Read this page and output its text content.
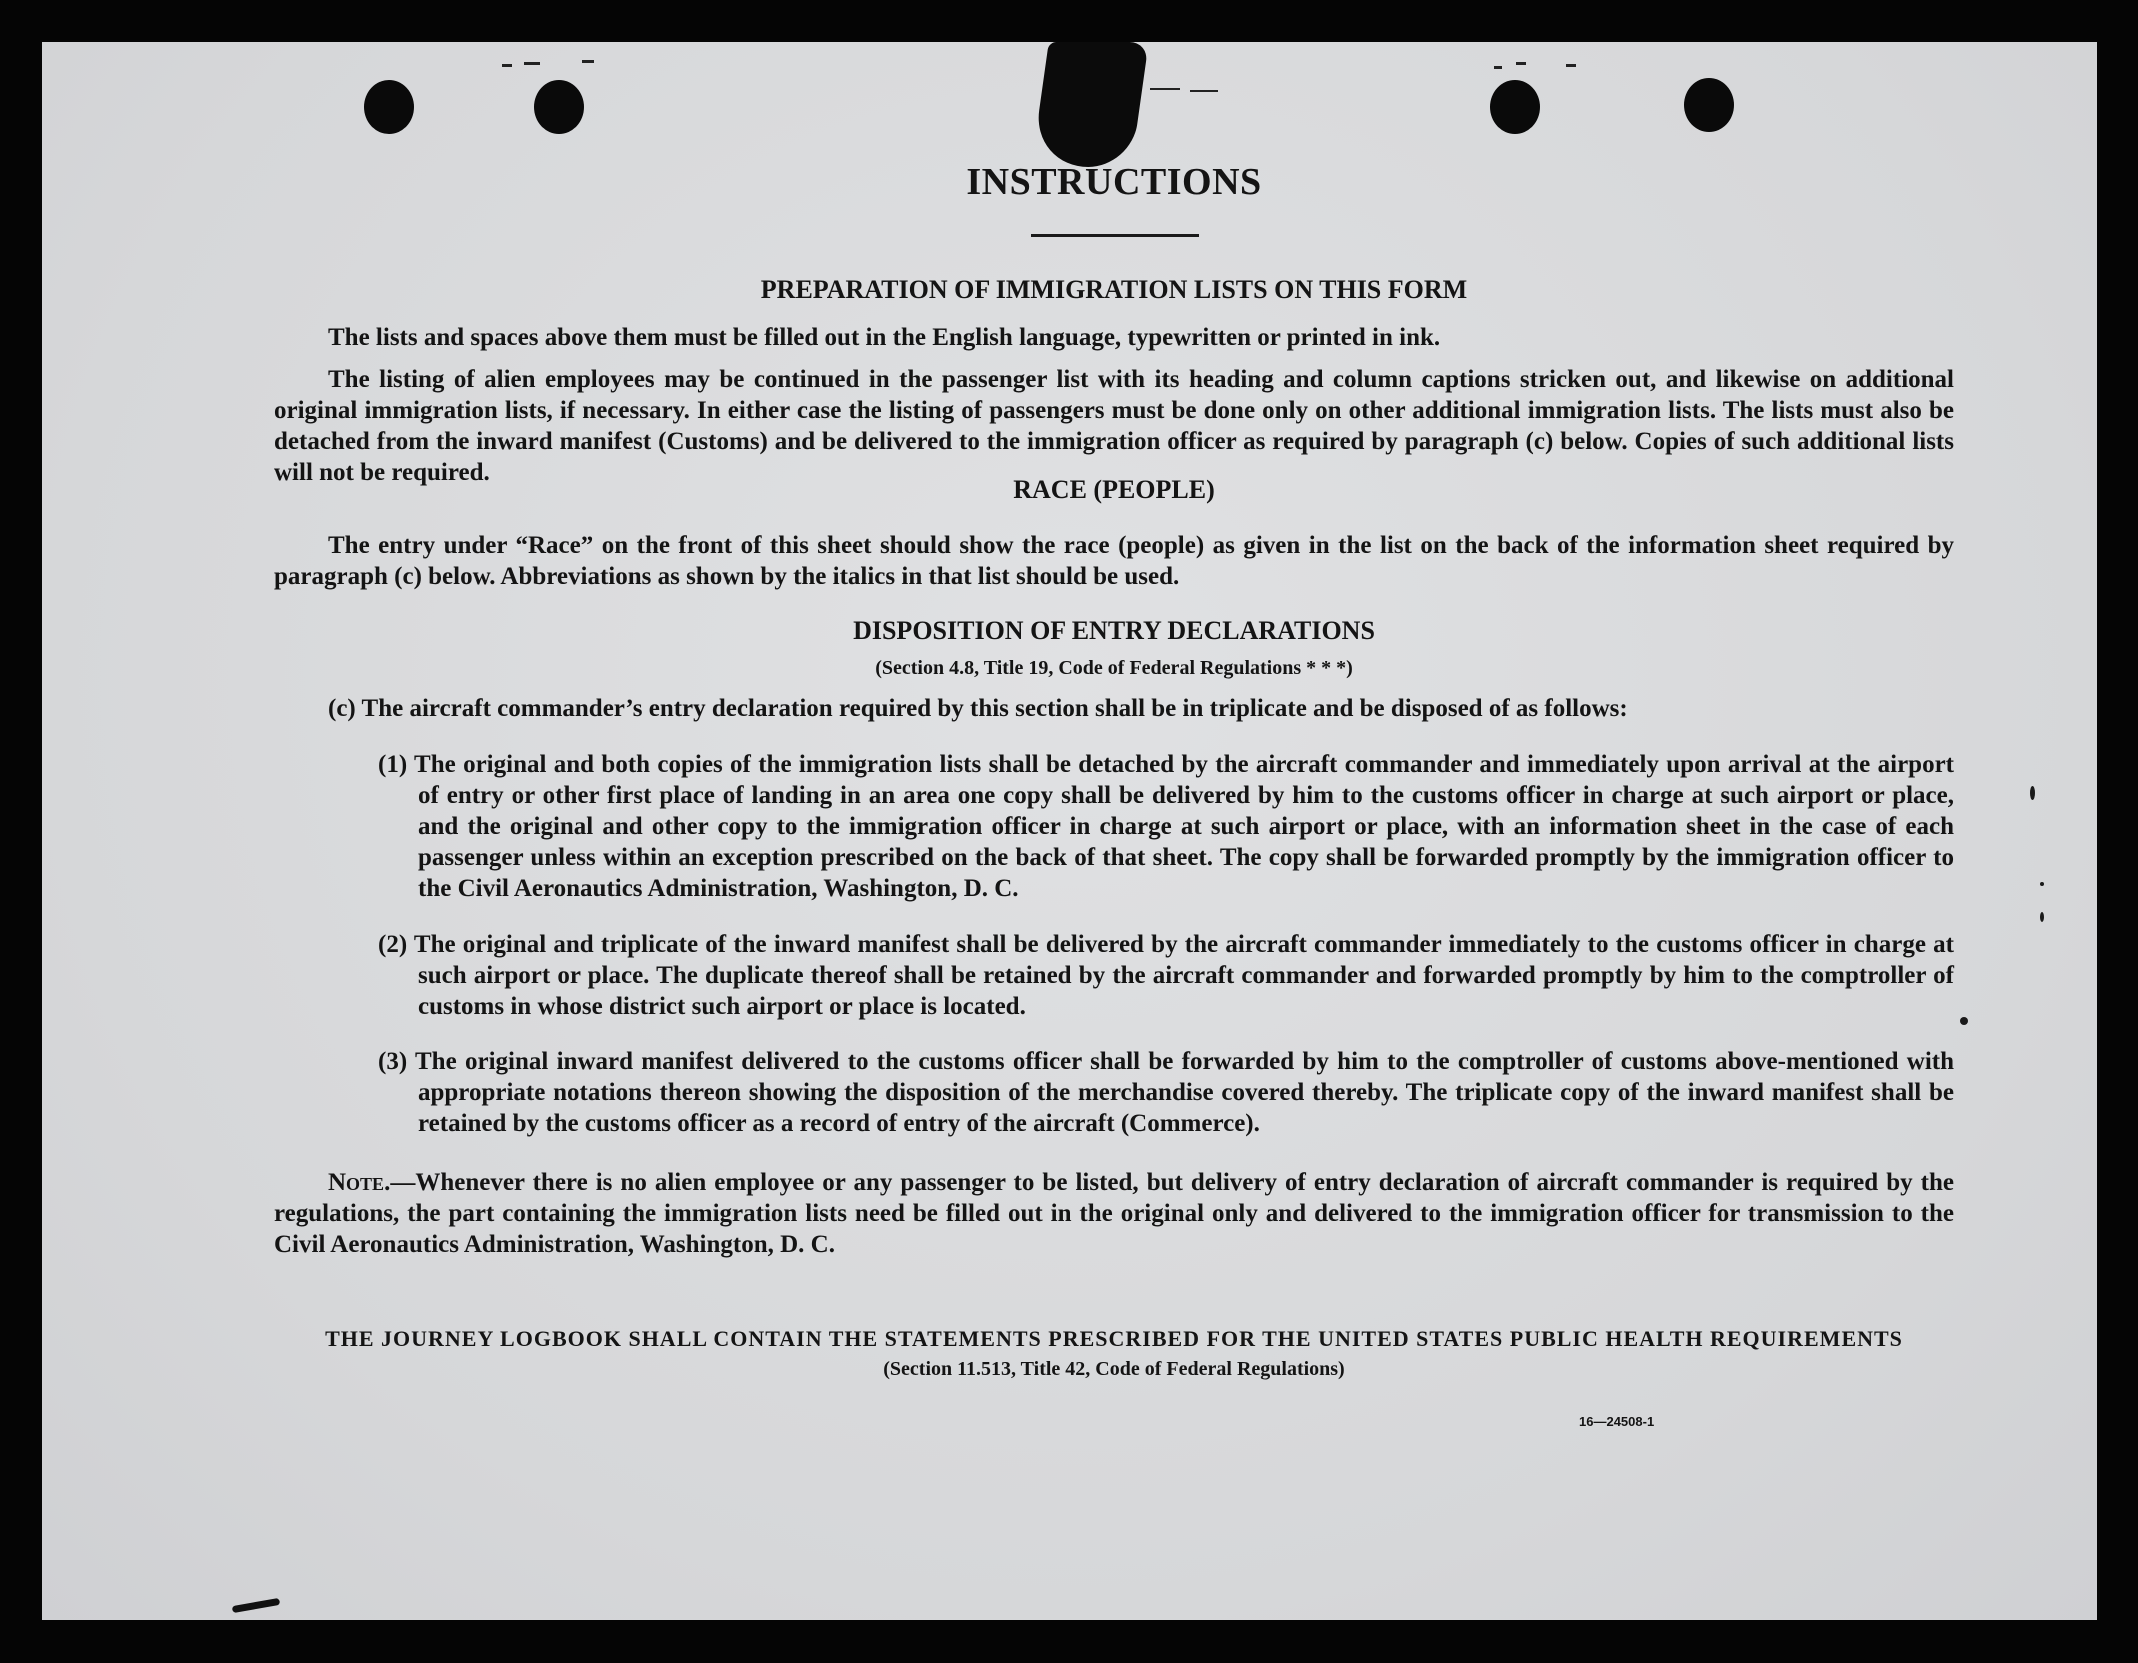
INSTRUCTIONS
PREPARATION OF IMMIGRATION LISTS ON THIS FORM
The lists and spaces above them must be filled out in the English language, typewritten or printed in ink.
The listing of alien employees may be continued in the passenger list with its heading and column captions stricken out, and likewise on additional original immigration lists, if necessary. In either case the listing of passengers must be done only on other additional immigration lists. The lists must also be detached from the inward manifest (Customs) and be delivered to the immigration officer as required by paragraph (c) below. Copies of such additional lists will not be required.
RACE (PEOPLE)
The entry under “Race” on the front of this sheet should show the race (people) as given in the list on the back of the information sheet required by paragraph (c) below. Abbreviations as shown by the italics in that list should be used.
DISPOSITION OF ENTRY DECLARATIONS
(Section 4.8, Title 19, Code of Federal Regulations * * *)
(c) The aircraft commander’s entry declaration required by this section shall be in triplicate and be disposed of as follows:
(1) The original and both copies of the immigration lists shall be detached by the aircraft commander and immediately upon arrival at the airport of entry or other first place of landing in an area one copy shall be delivered by him to the customs officer in charge at such airport or place, and the original and other copy to the immigration officer in charge at such airport or place, with an information sheet in the case of each passenger unless within an exception prescribed on the back of that sheet. The copy shall be forwarded promptly by the immigration officer to the Civil Aeronautics Administration, Washington, D. C.
(2) The original and triplicate of the inward manifest shall be delivered by the aircraft commander immediately to the customs officer in charge at such airport or place. The duplicate thereof shall be retained by the aircraft commander and forwarded promptly by him to the comptroller of customs in whose district such airport or place is located.
(3) The original inward manifest delivered to the customs officer shall be forwarded by him to the comptroller of customs above-mentioned with appropriate notations thereon showing the disposition of the merchandise covered thereby. The triplicate copy of the inward manifest shall be retained by the customs officer as a record of entry of the aircraft (Commerce).
Note.—Whenever there is no alien employee or any passenger to be listed, but delivery of entry declaration of aircraft commander is required by the regulations, the part containing the immigration lists need be filled out in the original only and delivered to the immigration officer for transmission to the Civil Aeronautics Administration, Washington, D. C.
THE JOURNEY LOGBOOK SHALL CONTAIN THE STATEMENTS PRESCRIBED FOR THE UNITED STATES PUBLIC HEALTH REQUIREMENTS
(Section 11.513, Title 42, Code of Federal Regulations)
16—24508-1
